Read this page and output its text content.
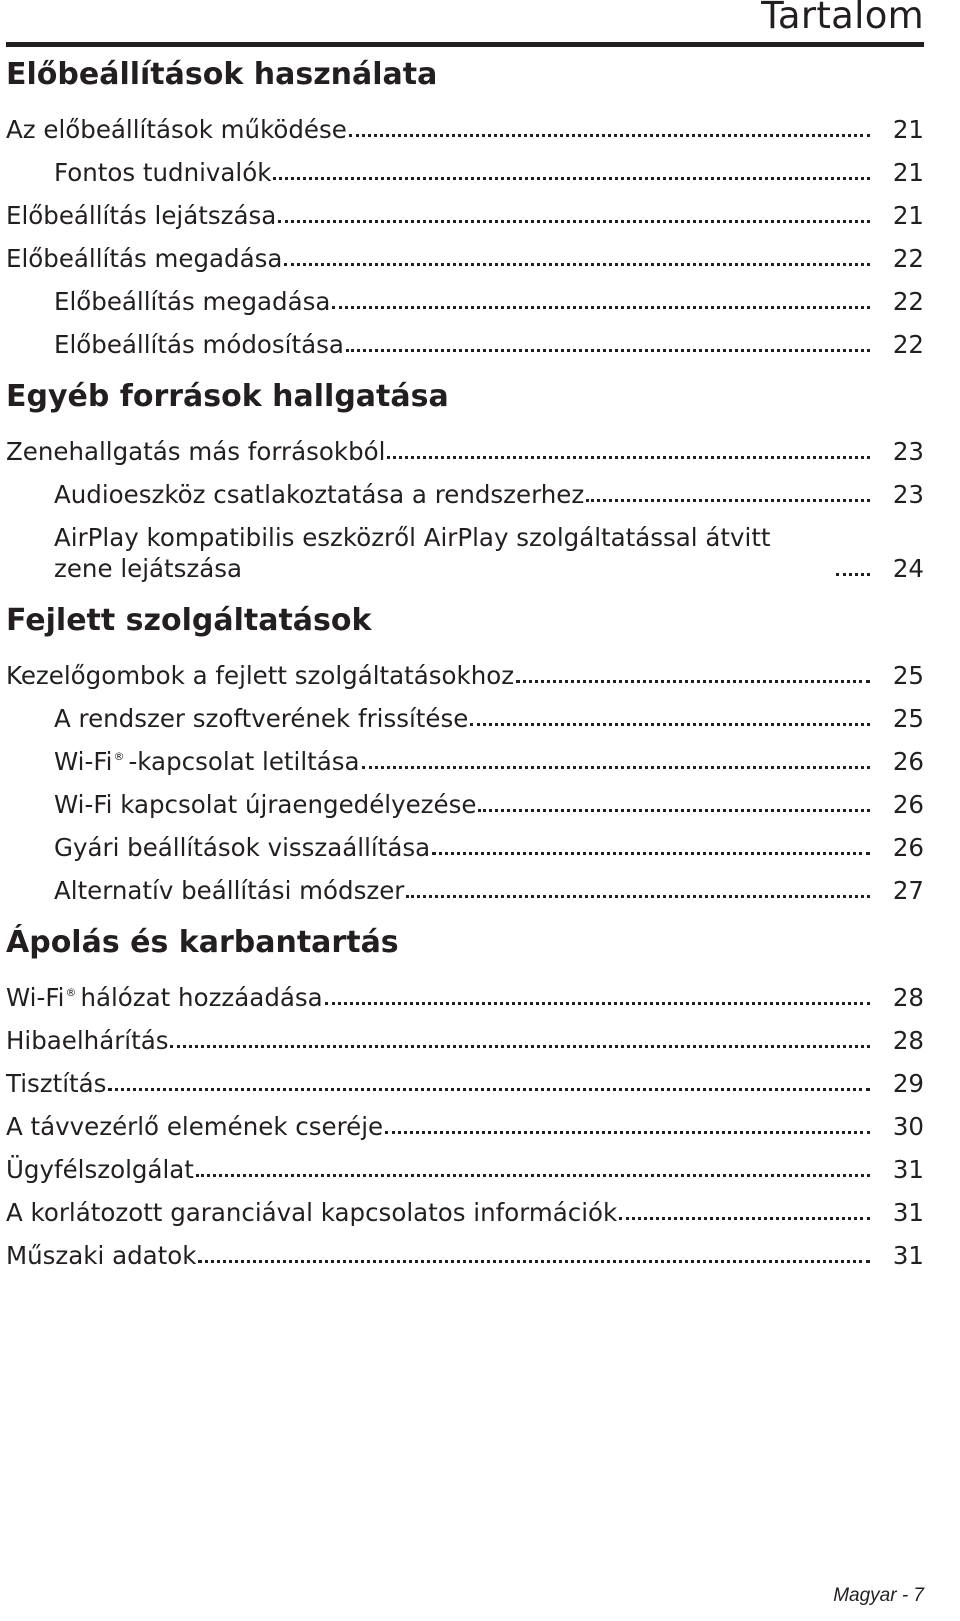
Tartalom
Előbeállítások használata
Az előbeállítások működése	21
Fontos tudnivalók	21
Előbeállítás lejátszása	21
Előbeállítás megadása	22
Előbeállítás megadása	22
Előbeállítás módosítása	22
Egyéb források hallgatása
Zenehallgatás más forrásokból	23
Audioeszköz csatlakoztatása a rendszerhez	23
AirPlay kompatibilis eszközről AirPlay szolgáltatással átvitt zene lejátszása	24
Fejlett szolgáltatások
Kezelőgombok a fejlett szolgáltatásokhoz	25
A rendszer szoftverének frissítése	25
Wi-Fi® -kapcsolat letiltása	26
Wi-Fi kapcsolat újraengedélyezése	26
Gyári beállítások visszaállítása	26
Alternatív beállítási módszer	27
Ápolás és karbantartás
Wi-Fi® hálózat hozzáadása	28
Hibaelhárítás	28
Tisztítás	29
A távvezérlő elemének cseréje	30
Ügyfélszolgálat	31
A korlátozott garanciával kapcsolatos információk	31
Műszaki adatok	31
Magyar - 7
